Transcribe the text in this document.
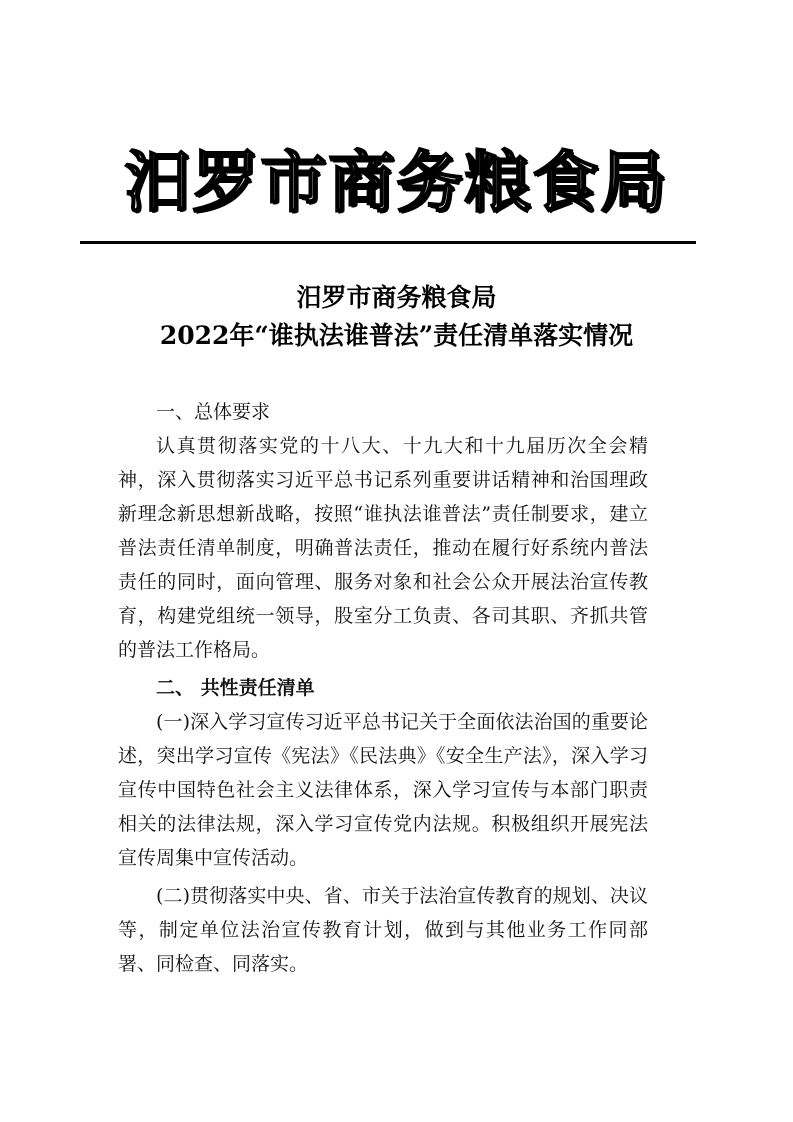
汨罗市商务粮食局
汨罗市商务粮食局
2022年“谁执法谁普法”责任清单落实情况

一、总体要求

认真贯彻落实党的十八大、十九大和十九届历次全会精神，深入贯彻落实习近平总书记系列重要讲话精神和治国理政新理念新思想新战略，按照“谁执法谁普法”责任制要求，建立普法责任清单制度，明确普法责任，推动在履行好系统内普法责任的同时，面向管理、服务对象和社会公众开展法治宣传教育，构建党组统一领导，股室分工负责、各司其职、齐抓共管的普法工作格局。

二、 共性责任清单

(一)深入学习宣传习近平总书记关于全面依法治国的重要论述，突出学习宣传《宪法》《民法典》《安全生产法》，深入学习宣传中国特色社会主义法律体系，深入学习宣传与本部门职责相关的法律法规，深入学习宣传党内法规。积极组织开展宪法宣传周集中宣传活动。

(二)贯彻落实中央、省、市关于法治宣传教育的规划、决议等，制定单位法治宣传教育计划，做到与其他业务工作同部署、同检查、同落实。
